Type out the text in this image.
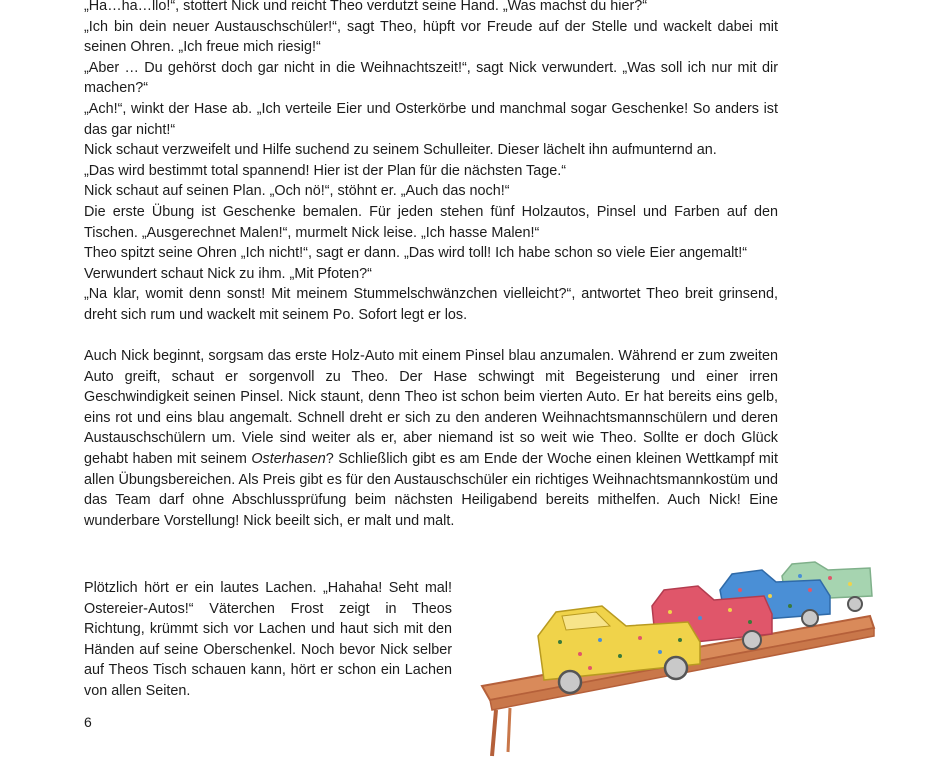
„Ha…ha…llo!“, stottert Nick und reicht Theo verdutzt seine Hand. „Was machst du hier?“

„Ich bin dein neuer Austauschschüler!“, sagt Theo, hüpft vor Freude auf der Stelle und wackelt dabei mit seinen Ohren. „Ich freue mich riesig!“

„Aber … Du gehörst doch gar nicht in die Weihnachtszeit!“, sagt Nick verwundert. „Was soll ich nur mit dir machen?“

„Ach!“, winkt der Hase ab. „Ich verteile Eier und Osterkörbe und manchmal sogar Geschenke! So anders ist das gar nicht!“

Nick schaut verzweifelt und Hilfe suchend zu seinem Schulleiter. Dieser lächelt ihn aufmunternd an.

„Das wird bestimmt total spannend! Hier ist der Plan für die nächsten Tage.“

Nick schaut auf seinen Plan. „Och nö!“, stöhnt er. „Auch das noch!“

Die erste Übung ist Geschenke bemalen. Für jeden stehen fünf Holzautos, Pinsel und Farben auf den Tischen. „Ausgerechnet Malen!“, murmelt Nick leise. „Ich hasse Malen!“

Theo spitzt seine Ohren „Ich nicht!“, sagt er dann. „Das wird toll! Ich habe schon so viele Eier angemalt!“

Verwundert schaut Nick zu ihm. „Mit Pfoten?“

„Na klar, womit denn sonst! Mit meinem Stummelschwänzchen vielleicht?“, antwortet Theo breit grinsend, dreht sich rum und wackelt mit seinem Po. Sofort legt er los.

Auch Nick beginnt, sorgsam das erste Holz-Auto mit einem Pinsel blau anzumalen. Während er zum zweiten Auto greift, schaut er sorgenvoll zu Theo. Der Hase schwingt mit Begeisterung und einer irren Geschwindigkeit seinen Pinsel. Nick staunt, denn Theo ist schon beim vierten Auto. Er hat bereits eins gelb, eins rot und eins blau angemalt. Schnell dreht er sich zu den anderen Weihnachtsmannschülern und deren Austauschschülern um. Viele sind weiter als er, aber niemand ist so weit wie Theo. Sollte er doch Glück gehabt haben mit seinem Osterhasen? Schließlich gibt es am Ende der Woche einen kleinen Wettkampf mit allen Übungsbereichen. Als Preis gibt es für den Austauschschüler ein richtiges Weihnachtsmannkostüm und das Team darf ohne Abschlussprüfung beim nächsten Heiligabend bereits mithelfen. Auch Nick! Eine wunderbare Vorstellung! Nick beeilt sich, er malt und malt.

Plötzlich hört er ein lautes Lachen. „Hahaha! Seht mal! Ostereier-Autos!“ Väterchen Frost zeigt in Theos Richtung, krümmt sich vor Lachen und haut sich mit den Händen auf seine Oberschenkel. Noch bevor Nick selber auf Theos Tisch schauen kann, hört er schon ein Lachen von allen Seiten.

6
